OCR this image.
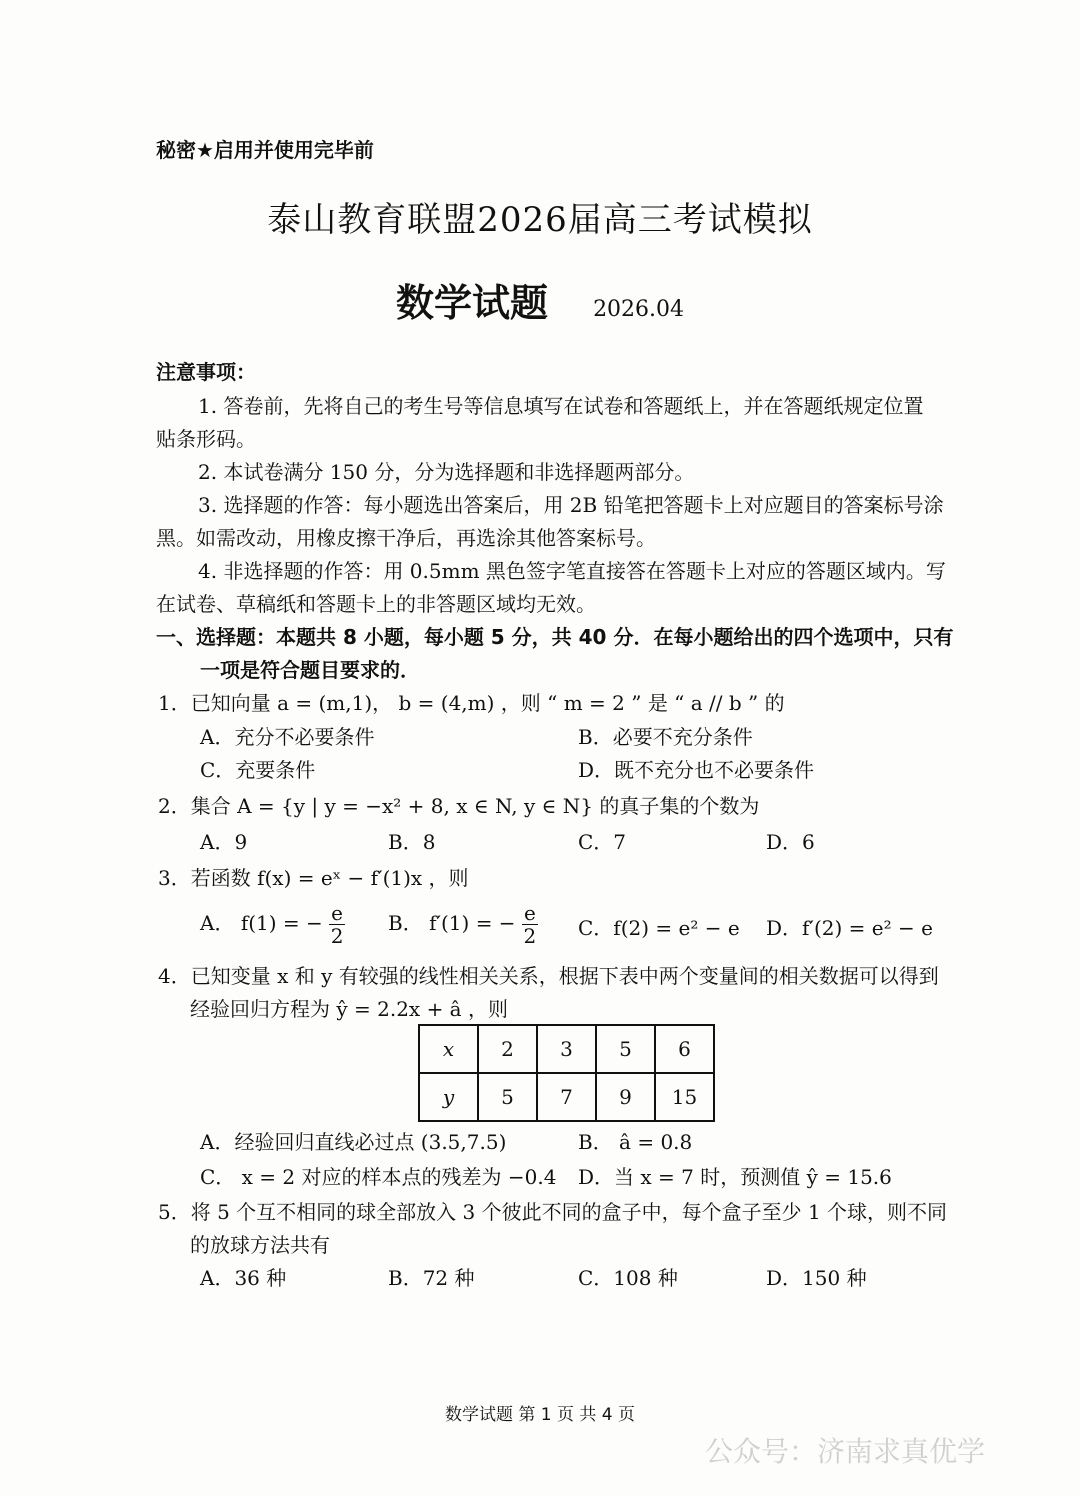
秘密★启用并使用完毕前
泰山教育联盟2026届高三考试模拟
数学试题 2026.04
注意事项：
1. 答卷前，先将自己的考生号等信息填写在试卷和答题纸上，并在答题纸规定位置
贴条形码。
2. 本试卷满分 150 分，分为选择题和非选择题两部分。
3. 选择题的作答：每小题选出答案后，用 2B 铅笔把答题卡上对应题目的答案标号涂
黑。如需改动，用橡皮擦干净后，再选涂其他答案标号。
4. 非选择题的作答：用 0.5mm 黑色签字笔直接答在答题卡上对应的答题区域内。写
在试卷、草稿纸和答题卡上的非答题区域均无效。
一、选择题：本题共 8 小题，每小题 5 分，共 40 分．在每小题给出的四个选项中，只有
一项是符合题目要求的．
1．已知向量 a = (m,1)， b = (4,m) ，则 “ m = 2 ” 是 “ a // b ” 的
A．充分不必要条件	B．必要不充分条件
C．充要条件	D．既不充分也不必要条件
2．集合 A = {y | y = −x² + 8, x ∈ N, y ∈ N} 的真子集的个数为
A．9	B．8	C．7	D．6
3．若函数 f(x) = eˣ − f′(1)x ，则
A． f(1) = − $\frac{e}{2}$ B． f′(1) = − $\frac{e}{2}$ C．f(2) = e² − e D．f′(2) = e² − e
4．已知变量 x 和 y 有较强的线性相关关系，根据下表中两个变量间的相关数据可以得到
经验回归方程为 ŷ = 2.2x + â ，则
x	2	3	5	6
y	5	7	9	15
A．经验回归直线必过点 (3.5,7.5)	B． â = 0.8
C． x = 2 对应的样本点的残差为 −0.4 D．当 x = 7 时，预测值 ŷ = 15.6
5．将 5 个互不相同的球全部放入 3 个彼此不同的盒子中，每个盒子至少 1 个球，则不同
的放球方法共有
A．36 种	B．72 种	C．108 种	D．150 种
数学试题 第 1 页 共 4 页
公众号：济南求真优学
